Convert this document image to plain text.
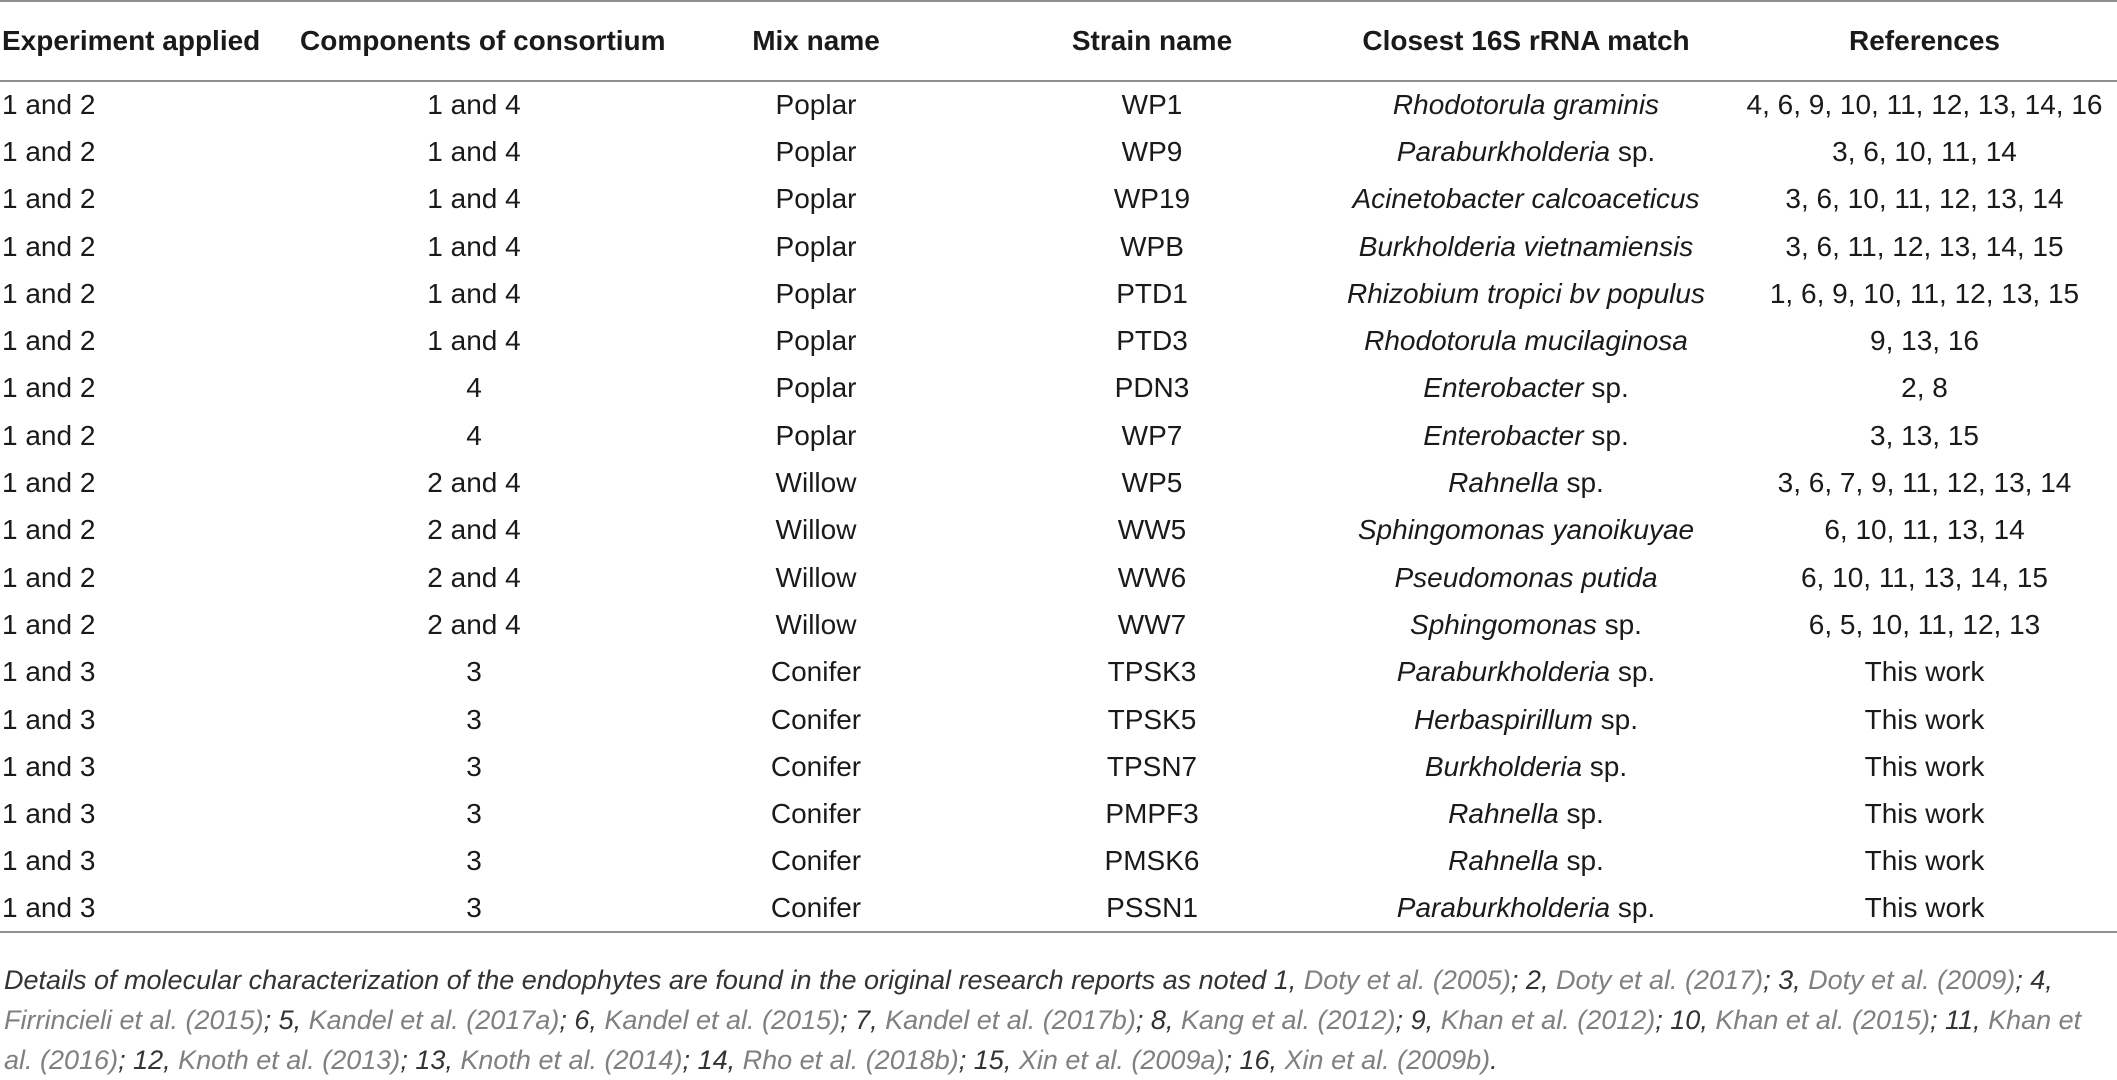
Experiment applied	Components of consortium	Mix name	Strain name	Closest 16S rRNA match	References
1 and 2	1 and 4	Poplar	WP1	Rhodotorula graminis	4, 6, 9, 10, 11, 12, 13, 14, 16
1 and 2	1 and 4	Poplar	WP9	Paraburkholderia sp.	3, 6, 10, 11, 14
1 and 2	1 and 4	Poplar	WP19	Acinetobacter calcoaceticus	3, 6, 10, 11, 12, 13, 14
1 and 2	1 and 4	Poplar	WPB	Burkholderia vietnamiensis	3, 6, 11, 12, 13, 14, 15
1 and 2	1 and 4	Poplar	PTD1	Rhizobium tropici bv populus	1, 6, 9, 10, 11, 12, 13, 15
1 and 2	1 and 4	Poplar	PTD3	Rhodotorula mucilaginosa	9, 13, 16
1 and 2	4	Poplar	PDN3	Enterobacter sp.	2, 8
1 and 2	4	Poplar	WP7	Enterobacter sp.	3, 13, 15
1 and 2	2 and 4	Willow	WP5	Rahnella sp.	3, 6, 7, 9, 11, 12, 13, 14
1 and 2	2 and 4	Willow	WW5	Sphingomonas yanoikuyae	6, 10, 11, 13, 14
1 and 2	2 and 4	Willow	WW6	Pseudomonas putida	6, 10, 11, 13, 14, 15
1 and 2	2 and 4	Willow	WW7	Sphingomonas sp.	6, 5, 10, 11, 12, 13
1 and 3	3	Conifer	TPSK3	Paraburkholderia sp.	This work
1 and 3	3	Conifer	TPSK5	Herbaspirillum sp.	This work
1 and 3	3	Conifer	TPSN7	Burkholderia sp.	This work
1 and 3	3	Conifer	PMPF3	Rahnella sp.	This work
1 and 3	3	Conifer	PMSK6	Rahnella sp.	This work
1 and 3	3	Conifer	PSSN1	Paraburkholderia sp.	This work
Details of molecular characterization of the endophytes are found in the original research reports as noted 1, Doty et al. (2005); 2, Doty et al. (2017); 3, Doty et al. (2009); 4, Firrincieli et al. (2015); 5, Kandel et al. (2017a); 6, Kandel et al. (2015); 7, Kandel et al. (2017b); 8, Kang et al. (2012); 9, Khan et al. (2012); 10, Khan et al. (2015); 11, Khan et al. (2016); 12, Knoth et al. (2013); 13, Knoth et al. (2014); 14, Rho et al. (2018b); 15, Xin et al. (2009a); 16, Xin et al. (2009b).
